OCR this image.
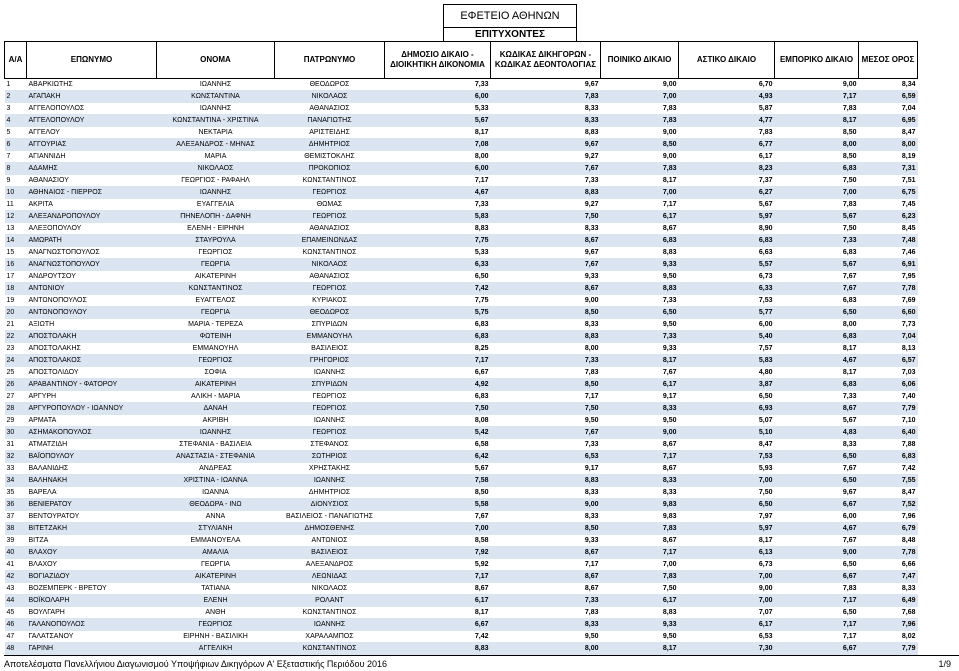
ΕΦΕΤΕΙΟ ΑΘΗΝΩΝ
ΕΠΙΤΥΧΟΝΤΕΣ
Α/Α	ΕΠΩΝΥΜΟ	ΟΝΟΜΑ	ΠΑΤΡΩΝΥΜΟ	ΔΗΜΟΣΙΟ ΔΙΚΑΙΟ - ΔΙΟΙΚΗΤΙΚΗ ΔΙΚΟΝΟΜΙΑ	ΚΩΔΙΚΑΣ ΔΙΚΗΓΟΡΩΝ - ΚΩΔΙΚΑΣ ΔΕΟΝΤΟΛΟΓΙΑΣ	ΠΟΙΝΙΚΟ ΔΙΚΑΙΟ	ΑΣΤΙΚΟ ΔΙΚΑΙΟ	ΕΜΠΟΡΙΚΟ ΔΙΚΑΙΟ	ΜΕΣΟΣ ΟΡΟΣ
1	ΑΒΑΡΚΙΩΤΗΣ	ΙΩΑΝΝΗΣ	ΘΕΟΔΩΡΟΣ	7,33	9,67	9,00	6,70	9,00	8,34
2	ΑΓΑΠΑΚΗ	ΚΩΝΣΤΑΝΤΙΝΑ	ΝΙΚΟΛΑΟΣ	6,00	7,83	7,00	4,93	7,17	6,59
3	ΑΓΓΕΛΟΠΟΥΛΟΣ	ΙΩΑΝΝΗΣ	ΑΘΑΝΑΣΙΟΣ	5,33	8,33	7,83	5,87	7,83	7,04
4	ΑΓΓΕΛΟΠΟΥΛΟΥ	ΚΩΝΣΤΑΝΤΙΝΑ - ΧΡΙΣΤΙΝΑ	ΠΑΝΑΓΙΩΤΗΣ	5,67	8,33	7,83	4,77	8,17	6,95
5	ΑΓΓΕΛΟΥ	ΝΕΚΤΑΡΙΑ	ΑΡΙΣΤΕΙΔΗΣ	8,17	8,83	9,00	7,83	8,50	8,47
6	ΑΓΓΟΥΡΙΑΣ	ΑΛΕΞΑΝΔΡΟΣ - ΜΗΝΑΣ	ΔΗΜΗΤΡΙΟΣ	7,08	9,67	8,50	6,77	8,00	8,00
7	ΑΓΙΑΝΝΙΔΗ	ΜΑΡΙΑ	ΘΕΜΙΣΤΟΚΛΗΣ	8,00	9,27	9,00	6,17	8,50	8,19
8	ΑΔΑΜΗΣ	ΝΙΚΟΛΑΟΣ	ΠΡΟΚΟΠΙΟΣ	6,00	7,67	7,83	8,23	6,83	7,31
9	ΑΘΑΝΑΣΙΟΥ	ΓΕΩΡΓΙΟΣ - ΡΑΦΑΗΛ	ΚΩΝΣΤΑΝΤΙΝΟΣ	7,17	7,33	8,17	7,37	7,50	7,51
10	ΑΘΗΝΑΙΟΣ - ΠΙΕΡΡΟΣ	ΙΩΑΝΝΗΣ	ΓΕΩΡΓΙΟΣ	4,67	8,83	7,00	6,27	7,00	6,75
11	ΑΚΡΙΤΑ	ΕΥΑΓΓΕΛΙΑ	ΘΩΜΑΣ	7,33	9,27	7,17	5,67	7,83	7,45
12	ΑΛΕΞΑΝΔΡΟΠΟΥΛΟΥ	ΠΗΝΕΛΟΠΗ - ΔΑΦΝΗ	ΓΕΩΡΓΙΟΣ	5,83	7,50	6,17	5,97	5,67	6,23
13	ΑΛΕΞΟΠΟΥΛΟΥ	ΕΛΕΝΗ - ΕΙΡΗΝΗ	ΑΘΑΝΑΣΙΟΣ	8,83	8,33	8,67	8,90	7,50	8,45
14	ΑΜΩΡΑΤΗ	ΣΤΑΥΡΟΥΛΑ	ΕΠΑΜΕΙΝΩΝΔΑΣ	7,75	8,67	6,83	6,83	7,33	7,48
15	ΑΝΑΓΝΩΣΤΟΠΟΥΛΟΣ	ΓΕΩΡΓΙΟΣ	ΚΩΝΣΤΑΝΤΙΝΟΣ	5,33	9,67	8,83	6,63	6,83	7,46
16	ΑΝΑΓΝΩΣΤΟΠΟΥΛΟΥ	ΓΕΩΡΓΙΑ	ΝΙΚΟΛΑΟΣ	6,33	7,67	9,33	5,57	5,67	6,91
17	ΑΝΔΡΟΥΤΣΟΥ	ΑΙΚΑΤΕΡΙΝΗ	ΑΘΑΝΑΣΙΟΣ	6,50	9,33	9,50	6,73	7,67	7,95
18	ΑΝΤΩΝΙΟΥ	ΚΩΝΣΤΑΝΤΙΝΟΣ	ΓΕΩΡΓΙΟΣ	7,42	8,67	8,83	6,33	7,67	7,78
19	ΑΝΤΩΝΟΠΟΥΛΟΣ	ΕΥΑΓΓΕΛΟΣ	ΚΥΡΙΑΚΟΣ	7,75	9,00	7,33	7,53	6,83	7,69
20	ΑΝΤΩΝΟΠΟΥΛΟΥ	ΓΕΩΡΓΙΑ	ΘΕΟΔΩΡΟΣ	5,75	8,50	6,50	5,77	6,50	6,60
21	ΑΞΙΩΤΗ	ΜΑΡΙΑ - ΤΕΡΕΖΑ	ΣΠΥΡΙΔΩΝ	6,83	8,33	9,50	6,00	8,00	7,73
22	ΑΠΟΣΤΟΛΑΚΗ	ΦΩΤΕΙΝΗ	ΕΜΜΑΝΟΥΗΛ	6,83	8,83	7,33	5,40	6,83	7,04
23	ΑΠΟΣΤΟΛΑΚΗΣ	ΕΜΜΑΝΟΥΗΛ	ΒΑΣΙΛΕΙΟΣ	8,25	8,00	9,33	7,57	8,17	8,13
24	ΑΠΟΣΤΟΛΑΚΟΣ	ΓΕΩΡΓΙΟΣ	ΓΡΗΓΟΡΙΟΣ	7,17	7,33	8,17	5,83	4,67	6,57
25	ΑΠΟΣΤΟΛΙΔΟΥ	ΣΟΦΙΑ	ΙΩΑΝΝΗΣ	6,67	7,83	7,67	4,80	8,17	7,03
26	ΑΡΑΒΑΝΤΙΝΟΥ - ΦΑΤΟΡΟΥ	ΑΙΚΑΤΕΡΙΝΗ	ΣΠΥΡΙΔΩΝ	4,92	8,50	6,17	3,87	6,83	6,06
27	ΑΡΓΥΡΗ	ΑΛΙΚΗ - ΜΑΡΙΑ	ΓΕΩΡΓΙΟΣ	6,83	7,17	9,17	6,50	7,33	7,40
28	ΑΡΓΥΡΟΠΟΥΛΟΥ - ΙΩΑΝΝΟΥ	ΔΑΝΑΗ	ΓΕΩΡΓΙΟΣ	7,50	7,50	8,33	6,93	8,67	7,79
29	ΑΡΜΑΤΑ	ΑΚΡΙΒΗ	ΙΩΑΝΝΗΣ	8,08	9,50	9,50	5,07	5,67	7,10
30	ΑΣΗΜΑΚΟΠΟΥΛΟΣ	ΙΩΑΝΝΗΣ	ΓΕΩΡΓΙΟΣ	5,42	7,67	9,00	5,10	4,83	6,40
31	ΑΤΜΑΤΖΙΔΗ	ΣΤΕΦΑΝΙΑ - ΒΑΣΙΛΕΙΑ	ΣΤΕΦΑΝΟΣ	6,58	7,33	8,67	8,47	8,33	7,88
32	ΒΑΪΟΠΟΥΛΟΥ	ΑΝΑΣΤΑΣΙΑ - ΣΤΕΦΑΝΙΑ	ΣΩΤΗΡΙΟΣ	6,42	6,53	7,17	7,53	6,50	6,83
33	ΒΑΛΑΝΙΔΗΣ	ΑΝΔΡΕΑΣ	ΧΡΗΣΤΑΚΗΣ	5,67	9,17	8,67	5,93	7,67	7,42
34	ΒΑΛΗΝΑΚΗ	ΧΡΙΣΤΙΝΑ - ΙΩΑΝΝΑ	ΙΩΑΝΝΗΣ	7,58	8,83	8,33	7,00	6,50	7,55
35	ΒΑΡΕΛΑ	ΙΩΑΝΝΑ	ΔΗΜΗΤΡΙΟΣ	8,50	8,33	8,33	7,50	9,67	8,47
36	ΒΕΝΙΕΡΑΤΟΥ	ΘΕΟΔΩΡΑ - ΙΝΩ	ΔΙΟΝΥΣΙΟΣ	5,58	9,00	9,83	6,50	6,67	7,52
37	ΒΕΝΤΟΥΡΑΤΟΥ	ΑΝΝΑ	ΒΑΣΙΛΕΙΟΣ - ΠΑΝΑΓΙΩΤΗΣ	7,67	8,33	9,83	7,97	6,00	7,96
38	ΒΙΤΕΤΖΑΚΗ	ΣΤΥΛΙΑΝΗ	ΔΗΜΟΣΘΕΝΗΣ	7,00	8,50	7,83	5,97	4,67	6,79
39	ΒΙΤΖΑ	ΕΜΜΑΝΟΥΕΛΑ	ΑΝΤΩΝΙΟΣ	8,58	9,33	8,67	8,17	7,67	8,48
40	ΒΛΑΧΟΥ	ΑΜΑΛΙΑ	ΒΑΣΙΛΕΙΟΣ	7,92	8,67	7,17	6,13	9,00	7,78
41	ΒΛΑΧΟΥ	ΓΕΩΡΓΙΑ	ΑΛΕΞΑΝΔΡΟΣ	5,92	7,17	7,00	6,73	6,50	6,66
42	ΒΟΓΙΑΖΙΔΟΥ	ΑΙΚΑΤΕΡΙΝΗ	ΛΕΩΝΙΔΑΣ	7,17	8,67	7,83	7,00	6,67	7,47
43	ΒΟΖΕΜΠΕΡΚ - ΒΡΕΤΟΥ	ΤΑΤΙΑΝΑ	ΝΙΚΟΛΑΟΣ	8,67	8,67	7,50	9,00	7,83	8,33
44	ΒΟΪΚΟΛΑΡΗ	ΕΛΕΝΗ	ΡΟΛΑΝΤ	6,17	7,33	6,17	7,00	7,17	6,49
45	ΒΟΥΛΓΑΡΗ	ΑΝΘΗ	ΚΩΝΣΤΑΝΤΙΝΟΣ	8,17	7,83	8,83	7,07	6,50	7,68
46	ΓΑΛΑΝΟΠΟΥΛΟΣ	ΓΕΩΡΓΙΟΣ	ΙΩΑΝΝΗΣ	6,67	8,33	9,33	6,17	7,17	7,96
47	ΓΑΛΑΤΣΑΝΟΥ	ΕΙΡΗΝΗ - ΒΑΣΙΛΙΚΗ	ΧΑΡΑΛΑΜΠΟΣ	7,42	9,50	9,50	6,53	7,17	8,02
48	ΓΑΡΙΝΗ	ΑΓΓΕΛΙΚΗ	ΚΩΝΣΤΑΝΤΙΝΟΣ	8,83	8,00	8,17	7,30	6,67	7,79
Αποτελέσματα Πανελλήνιου Διαγωνισμού Υποψήφιων Δικηγόρων Α' Εξεταστικής Περιόδου 2016	1/9
